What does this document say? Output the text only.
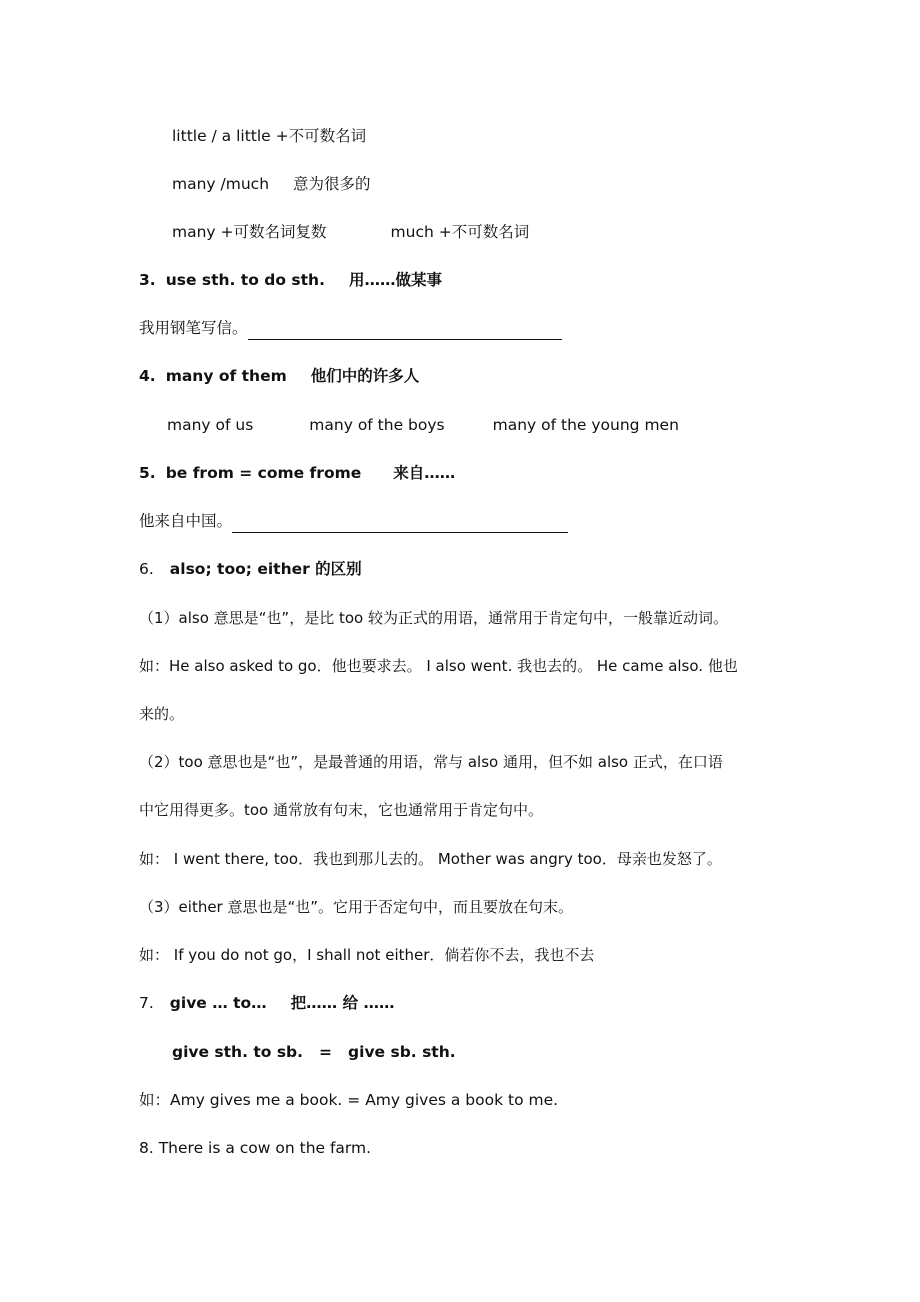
little / a little +不可数名词
many /much 意为很多的
many +可数名词复数	much +不可数名词
3. use sth. to do sth. 用……做某事
我用钢笔写信。
4. many of them 他们中的许多人
many of us	many of the boys	many of the young men
5. be from = come frome 来自……
他来自中国。
6. also; too; either 的区别
（1）also 意思是“也”，是比 too 较为正式的用语，通常用于肯定句中，一般靠近动词。
如：He also asked to go．他也要求去。 I also went. 我也去的。 He came also. 他也
来的。
（2）too 意思也是“也”，是最普通的用语，常与 also 通用，但不如 also 正式，在口语
中它用得更多。too 通常放有句末，它也通常用于肯定句中。
如： I went there, too．我也到那儿去的。 Mother was angry too．母亲也发怒了。
（3）either 意思也是“也”。它用于否定句中，而且要放在句末。
如： If you do not go，I shall not either．倘若你不去，我也不去
7. give … to… 把…… 给 ……
give sth. to sb. = give sb. sth.
如：Amy gives me a book. = Amy gives a book to me.
8. There is a cow on the farm.
